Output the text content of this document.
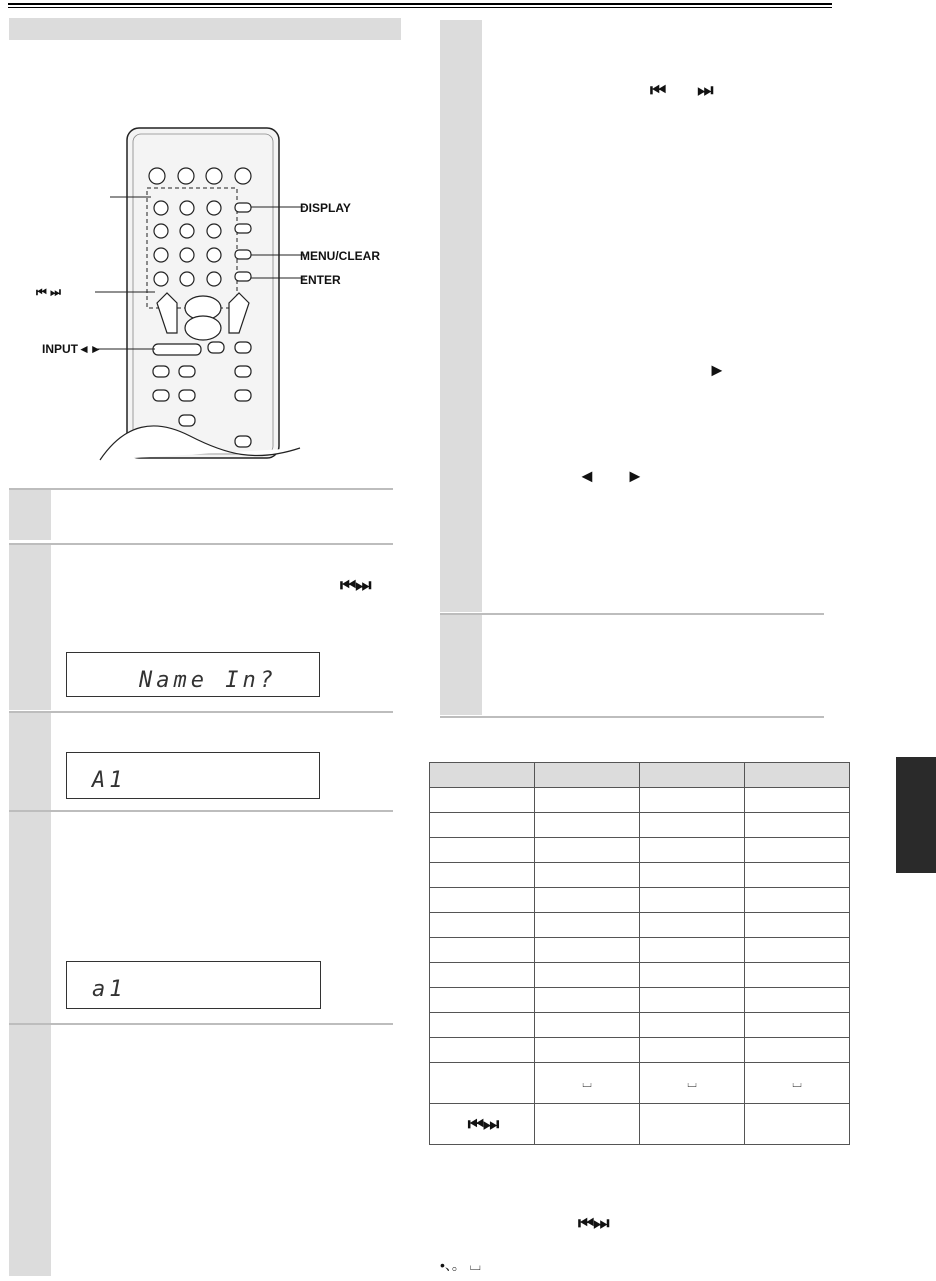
DISPLAY
MENU/CLEAR
ENTER
⏮ ⏭
INPUT◄►
⏮ ⏭
Name In?
A1
a1
⏮ ⏭
►
◄ ►

	⌴	⌴	⌴
⏮ ⏭			
⏮ ⏭
•、。 ⌴
